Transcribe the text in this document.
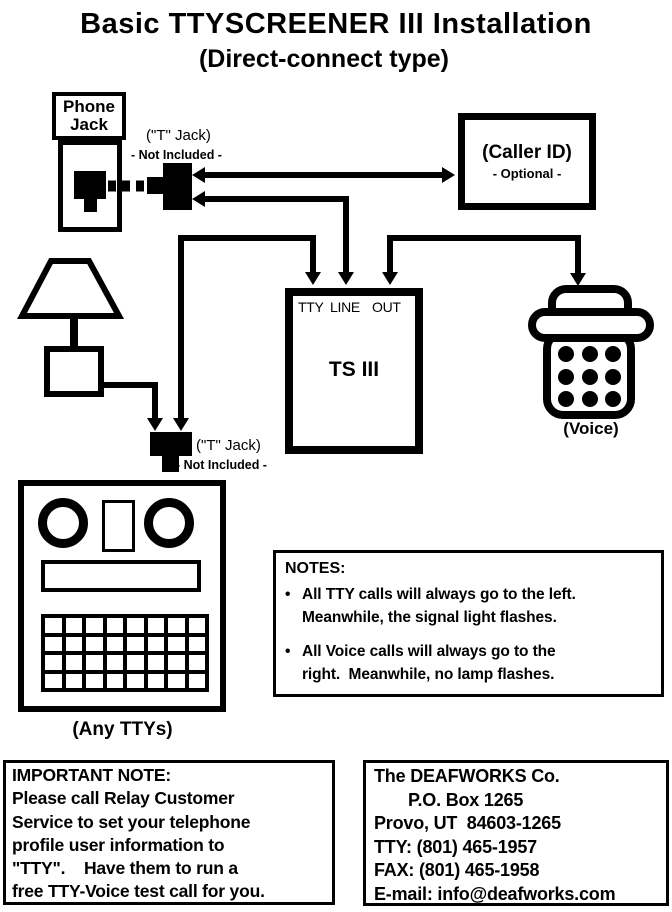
Basic TTYSCREENER III Installation
(Direct-connect type)
Phone
Jack
("T" Jack)
- Not Included -
("T" Jack)
- Not Included -
(Caller ID)
- Optional -
TTY LINE OUT
TS III
(Voice)
(Any TTYs)
NOTES:
• All TTY calls will always go to the left.
Meanwhile, the signal light flashes.
• All Voice calls will always go to the
right.  Meanwhile, no lamp flashes.
IMPORTANT NOTE:
Please call Relay Customer
Service to set your telephone
profile user information to
"TTY".    Have them to run a
free TTY-Voice test call for you.
The DEAFWORKS Co.
P.O. Box 1265
Provo, UT  84603-1265
TTY: (801) 465-1957
FAX: (801) 465-1958
E-mail: info@deafworks.com
